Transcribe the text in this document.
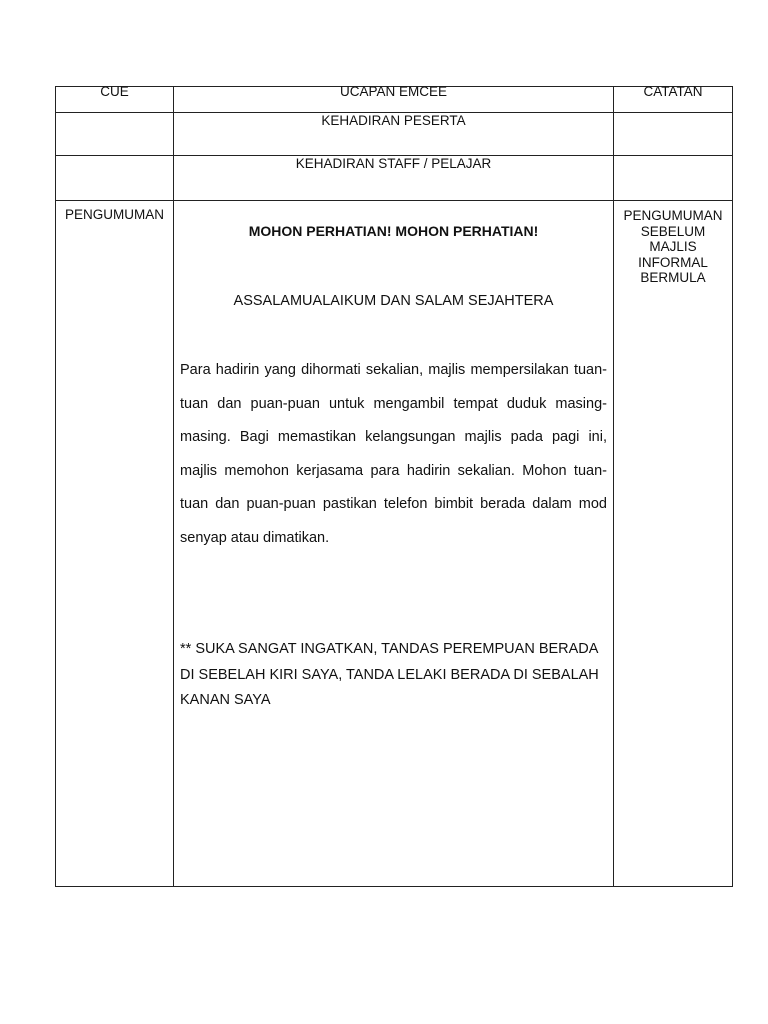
CUE	UCAPAN EMCEE	CATATAN
	KEHADIRAN PESERTA	
	KEHADIRAN STAFF / PELAJAR	

PENGUMUMAN	MOHON PERHATIAN! MOHON PERHATIAN!

ASSALAMUALAIKUM DAN SALAM SEJAHTERA

Para hadirin yang dihormati sekalian, majlis mempersilakan tuan-tuan dan puan-puan untuk mengambil tempat duduk masing-masing. Bagi memastikan kelangsungan majlis pada pagi ini, majlis memohon kerjasama para hadirin sekalian. Mohon tuan-tuan dan puan-puan pastikan telefon bimbit berada dalam mod senyap atau dimatikan.

** SUKA SANGAT INGATKAN, TANDAS PEREMPUAN BERADA DI SEBELAH KIRI SAYA, TANDA LELAKI BERADA DI SEBALAH KANAN SAYA	PENGUMUMAN SEBELUM MAJLIS INFORMAL BERMULA
